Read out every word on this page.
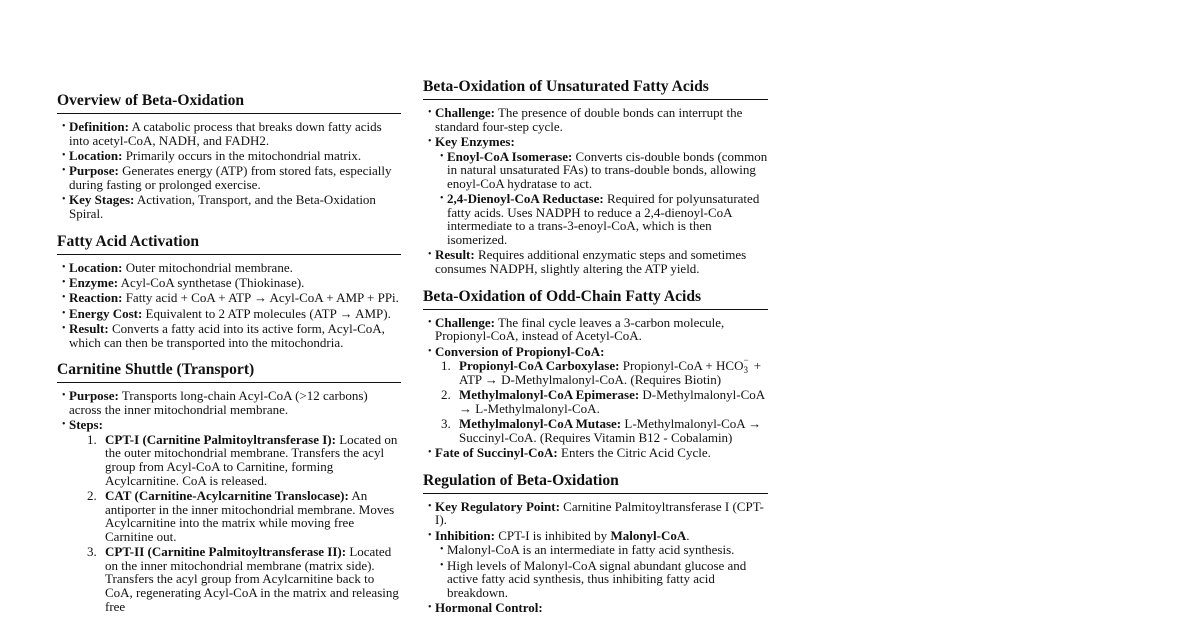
Overview of Beta-Oxidation
• Definition: A catabolic process that breaks down fatty acids into acetyl-CoA, NADH, and FADH2.
• Location: Primarily occurs in the mitochondrial matrix.
• Purpose: Generates energy (ATP) from stored fats, especially during fasting or prolonged exercise.
• Key Stages: Activation, Transport, and the Beta-Oxidation Spiral.
Fatty Acid Activation
• Location: Outer mitochondrial membrane.
• Enzyme: Acyl-CoA synthetase (Thiokinase).
• Reaction: Fatty acid + CoA + ATP → Acyl-CoA + AMP + PPi.
• Energy Cost: Equivalent to 2 ATP molecules (ATP → AMP).
• Result: Converts a fatty acid into its active form, Acyl-CoA, which can then be transported into the mitochondria.
Carnitine Shuttle (Transport)
• Purpose: Transports long-chain Acyl-CoA (>12 carbons) across the inner mitochondrial membrane.
• Steps:
1. CPT-I (Carnitine Palmitoyltransferase I): Located on the outer mitochondrial membrane. Transfers the acyl group from Acyl-CoA to Carnitine, forming Acylcarnitine. CoA is released.
2. CAT (Carnitine-Acylcarnitine Translocase): An antiporter in the inner mitochondrial membrane. Moves Acylcarnitine into the matrix while moving free Carnitine out.
3. CPT-II (Carnitine Palmitoyltransferase II): Located on the inner mitochondrial membrane (matrix side). Transfers the acyl group from Acylcarnitine back to CoA, regenerating Acyl-CoA in the matrix and releasing free
Beta-Oxidation of Unsaturated Fatty Acids
• Challenge: The presence of double bonds can interrupt the standard four-step cycle.
• Key Enzymes:
• Enoyl-CoA Isomerase: Converts cis-double bonds (common in natural unsaturated FAs) to trans-double bonds, allowing enoyl-CoA hydratase to act.
• 2,4-Dienoyl-CoA Reductase: Required for polyunsaturated fatty acids. Uses NADPH to reduce a 2,4-dienoyl-CoA intermediate to a trans-3-enoyl-CoA, which is then isomerized.
• Result: Requires additional enzymatic steps and sometimes consumes NADPH, slightly altering the ATP yield.
Beta-Oxidation of Odd-Chain Fatty Acids
• Challenge: The final cycle leaves a 3-carbon molecule, Propionyl-CoA, instead of Acetyl-CoA.
• Conversion of Propionyl-CoA:
1. Propionyl-CoA Carboxylase: Propionyl-CoA + HCO −
3 + ATP → D-Methylmalonyl-CoA. (Requires Biotin)
2. Methylmalonyl-CoA Epimerase: D-Methylmalonyl-CoA → L-Methylmalonyl-CoA.
3. Methylmalonyl-CoA Mutase: L-Methylmalonyl-CoA → Succinyl-CoA. (Requires Vitamin B12 - Cobalamin)
• Fate of Succinyl-CoA: Enters the Citric Acid Cycle.
Regulation of Beta-Oxidation
• Key Regulatory Point: Carnitine Palmitoyltransferase I (CPT-I).
• Inhibition: CPT-I is inhibited by Malonyl-CoA.
• Malonyl-CoA is an intermediate in fatty acid synthesis.
• High levels of Malonyl-CoA signal abundant glucose and active fatty acid synthesis, thus inhibiting fatty acid breakdown.
• Hormonal Control:
